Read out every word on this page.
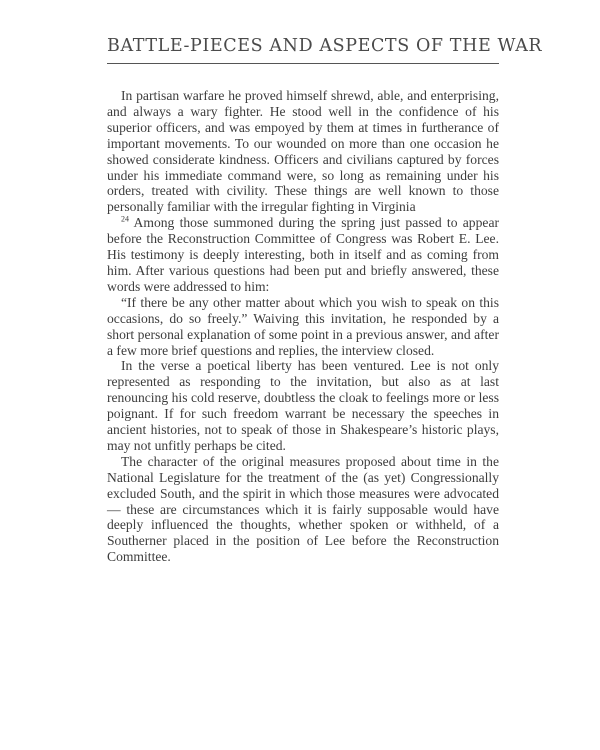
BATTLE-PIECES AND ASPECTS OF THE WAR

In partisan warfare he proved himself shrewd, able, and enterprising, and always a wary fighter. He stood well in the confidence of his superior officers, and was empoyed by them at times in furtherance of important movements. To our wounded on more than one occasion he showed considerate kindness. Officers and civilians captured by forces under his immediate command were, so long as remaining under his orders, treated with civility. These things are well known to those personally familiar with the irregular fighting in Virginia

$^{24}$ Among those summoned during the spring just passed to appear before the Reconstruction Committee of Congress was Robert E. Lee. His testimony is deeply interesting, both in itself and as coming from him. After various questions had been put and briefly answered, these words were addressed to him:

“If there be any other matter about which you wish to speak on this occasions, do so freely.” Waiving this invitation, he responded by a short personal explanation of some point in a previous answer, and after a few more brief questions and replies, the interview closed.

In the verse a poetical liberty has been ventured. Lee is not only represented as responding to the invitation, but also as at last renouncing his cold reserve, doubtless the cloak to feelings more or less poignant. If for such freedom warrant be necessary the speeches in ancient histories, not to speak of those in Shakespeare’s historic plays, may not unfitly perhaps be cited.

The character of the original measures proposed about time in the National Legislature for the treatment of the (as yet) Congressionally excluded South, and the spirit in which those measures were advocated — these are circumstances which it is fairly supposable would have deeply influenced the thoughts, whether spoken or withheld, of a Southerner placed in the position of Lee before the Reconstruction Committee.
